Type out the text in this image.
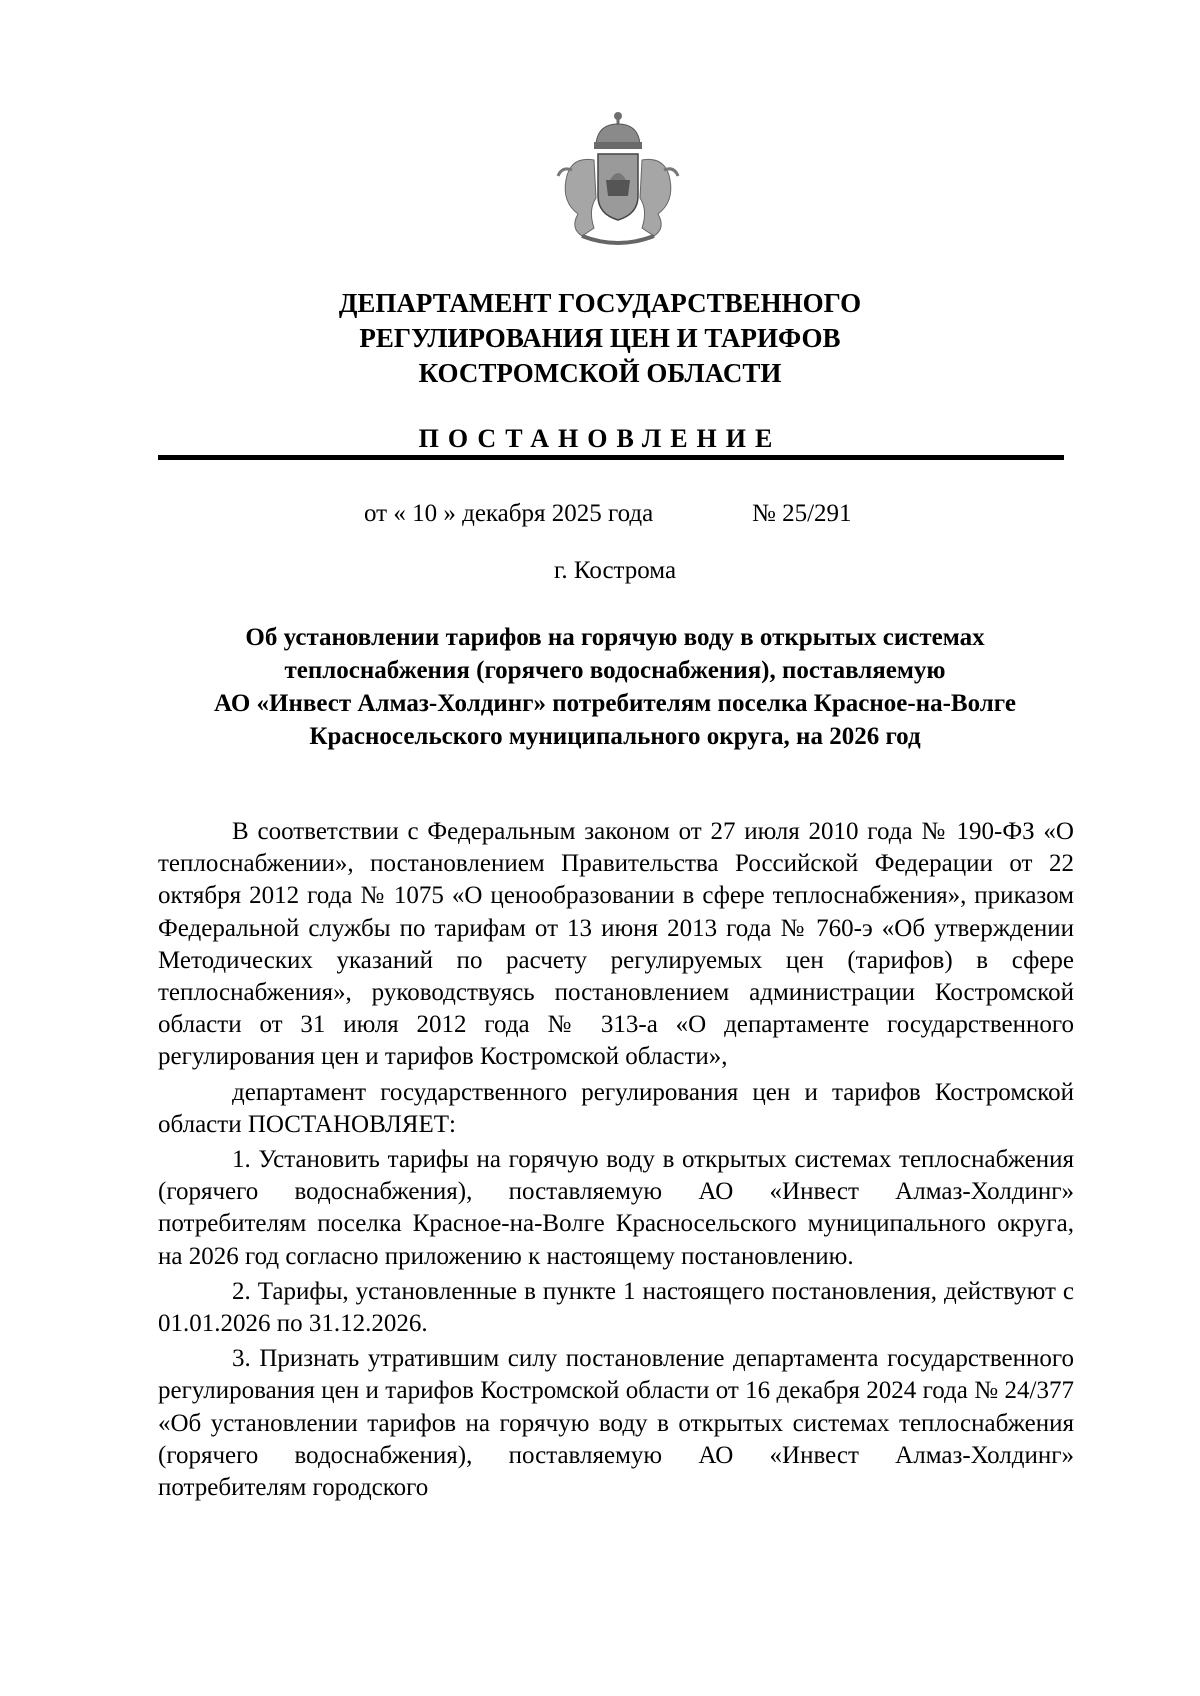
ДЕПАРТАМЕНТ ГОСУДАРСТВЕННОГО
РЕГУЛИРОВАНИЯ ЦЕН И ТАРИФОВ
КОСТРОМСКОЙ ОБЛАСТИ
ПОСТАНОВЛЕНИЕ
от « 10 » декабря 2025 года	№ 25/291
г. Кострома
Об установлении тарифов на горячую воду в открытых системах
теплоснабжения (горячего водоснабжения), поставляемую
АО «Инвест Алмаз-Холдинг» потребителям поселка Красное-на-Волге
Красносельского муниципального округа, на 2026 год

В соответствии с Федеральным законом от 27 июля 2010 года № 190-ФЗ «О теплоснабжении», постановлением Правительства Российской Федерации от 22 октября 2012 года № 1075 «О ценообразовании в сфере теплоснабжения», приказом Федеральной службы по тарифам от 13 июня 2013 года № 760-э «Об утверждении Методических указаний по расчету регулируемых цен (тарифов) в сфере теплоснабжения», руководствуясь постановлением администрации Костромской области от 31 июля 2012 года № 313-а «О департаменте государственного регулирования цен и тарифов Костромской области»,

департамент государственного регулирования цен и тарифов Костромской области ПОСТАНОВЛЯЕТ:

1. Установить тарифы на горячую воду в открытых системах теплоснабжения (горячего водоснабжения), поставляемую АО «Инвест Алмаз-Холдинг» потребителям поселка Красное-на-Волге Красносельского муниципального округа, на 2026 год согласно приложению к настоящему постановлению.

2. Тарифы, установленные в пункте 1 настоящего постановления, действуют с 01.01.2026 по 31.12.2026.

3. Признать утратившим силу постановление департамента государственного регулирования цен и тарифов Костромской области от 16 декабря 2024 года № 24/377 «Об установлении тарифов на горячую воду в открытых системах теплоснабжения (горячего водоснабжения), поставляемую АО «Инвест Алмаз-Холдинг» потребителям городского
